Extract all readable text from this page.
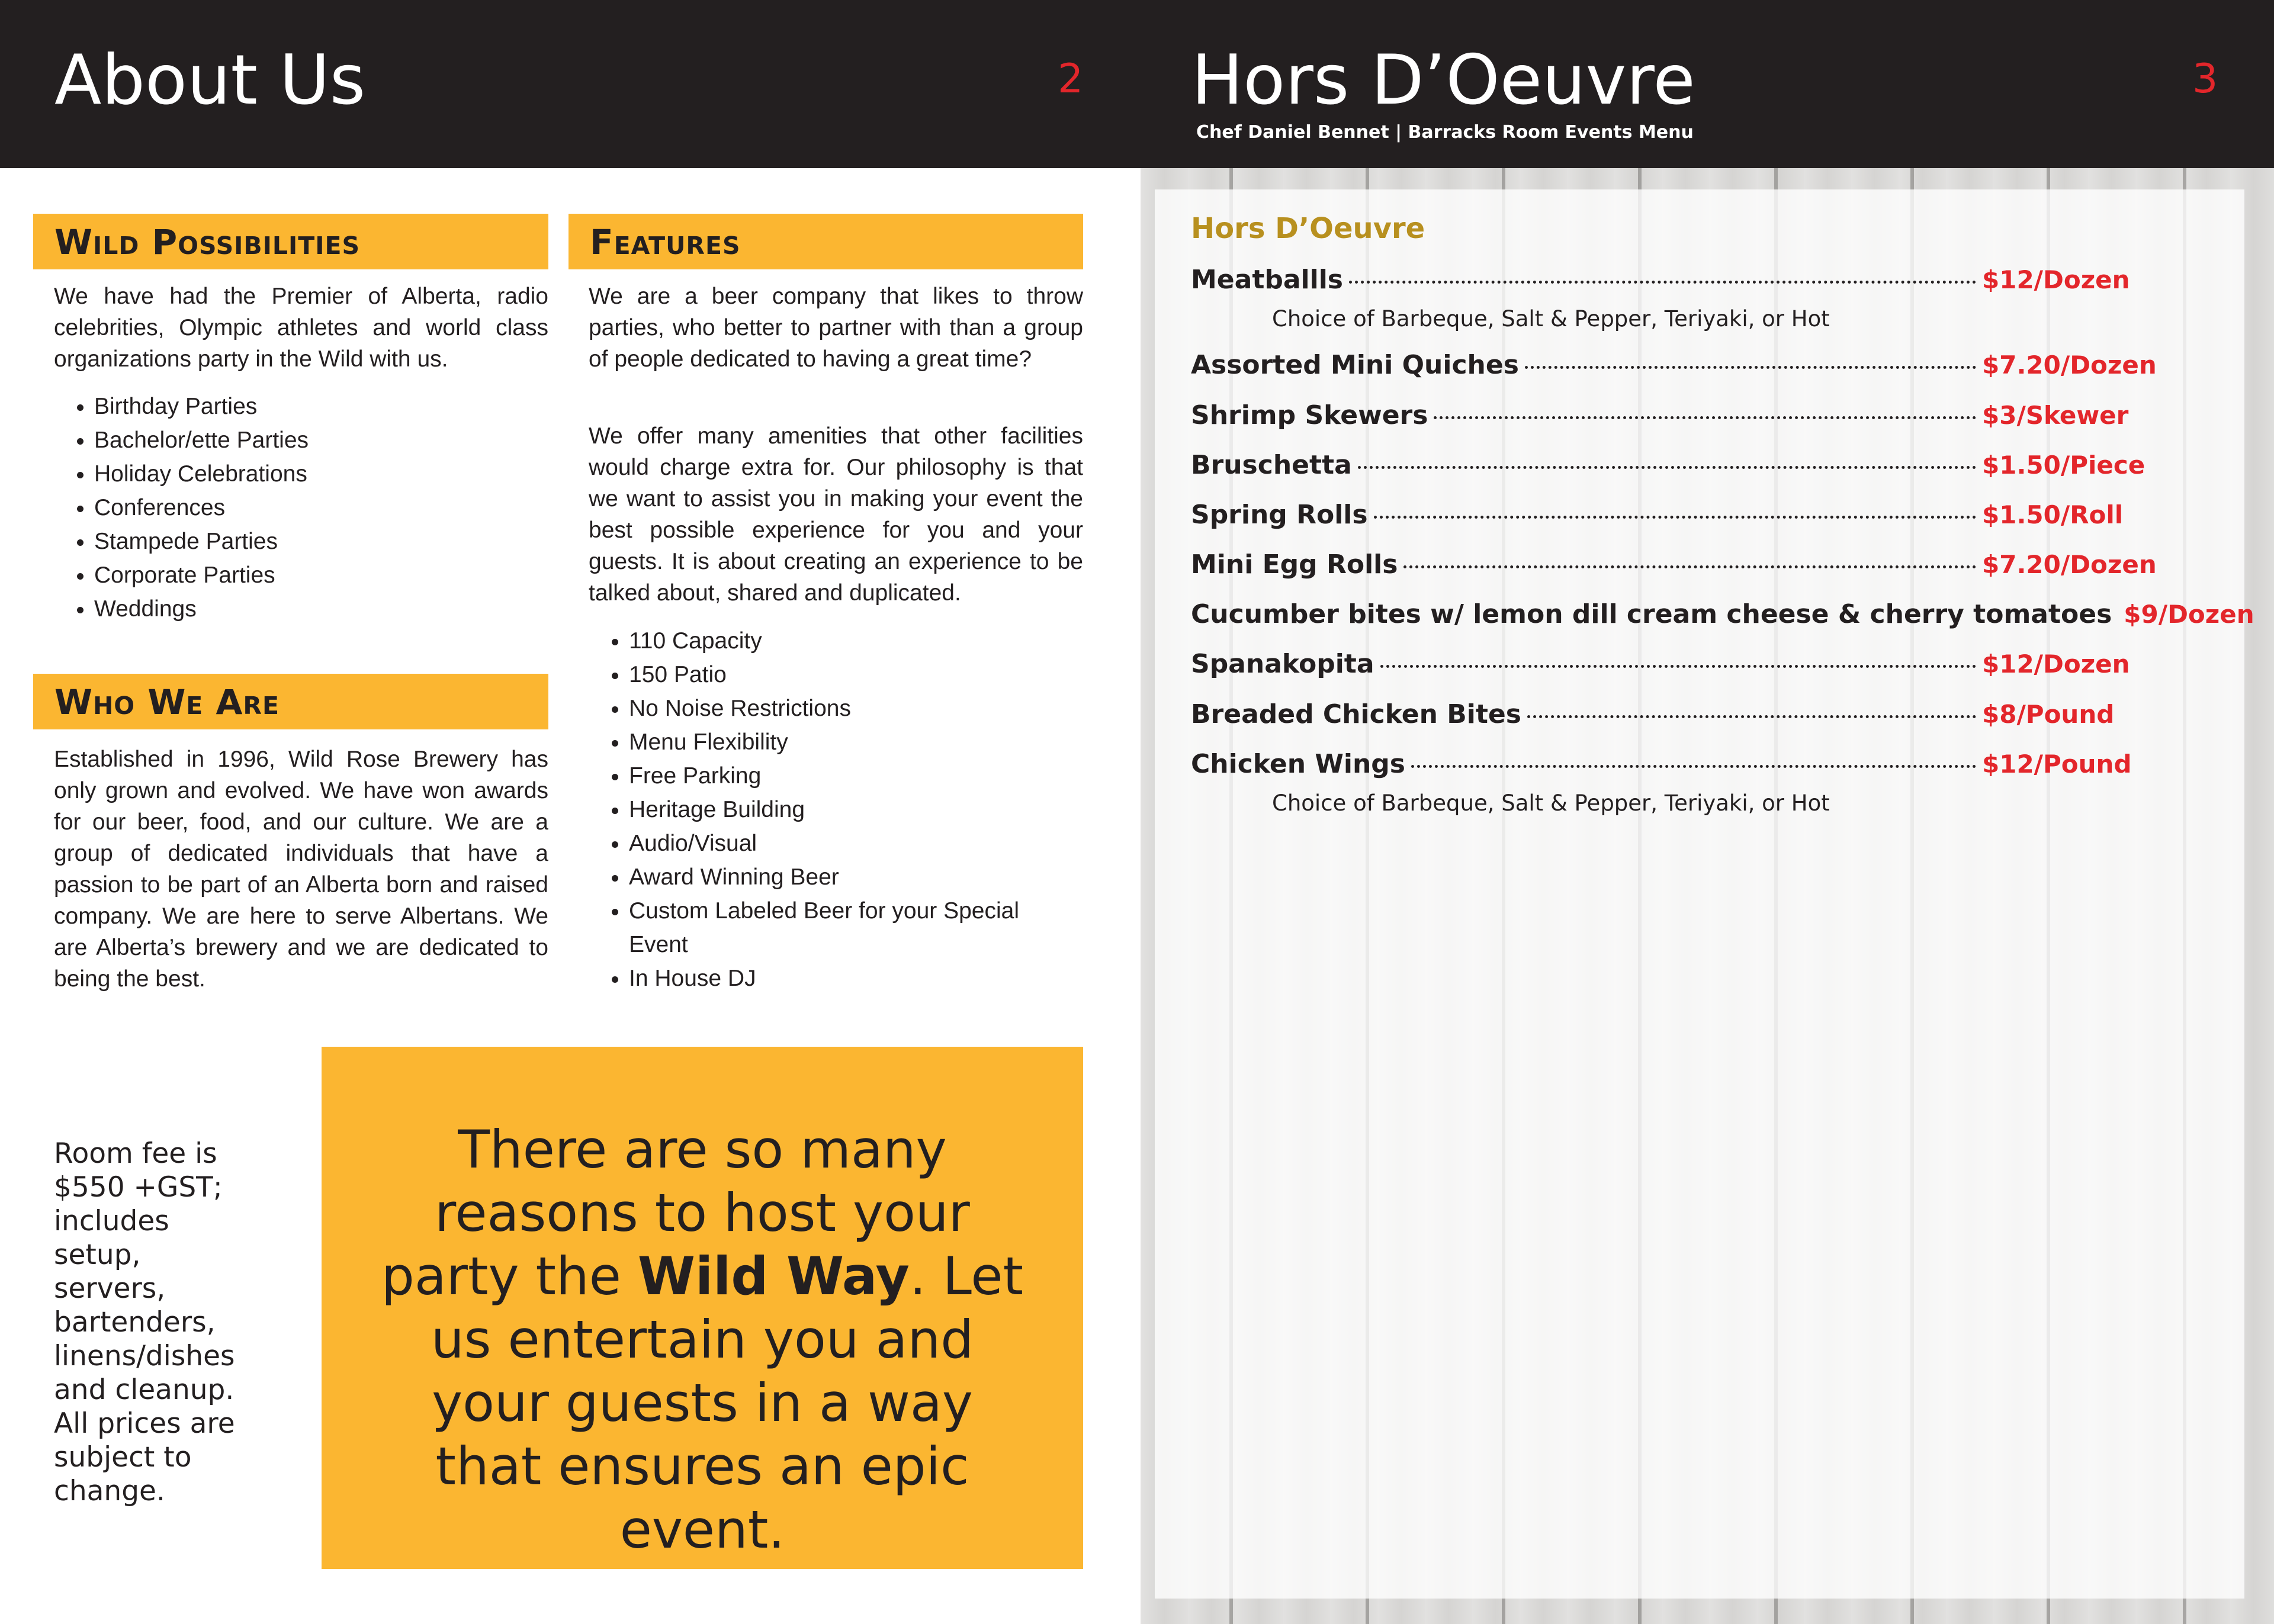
About Us	2 Hors D’Oeuvre	3
Chef Daniel Bennet | Barracks Room Events Menu
Wild Possibilities

We have had the Premier of Alberta, radio celebrities, Olympic athletes and world class organizations party in the Wild with us.

• Birthday Parties
• Bachelor/ette Parties
• Holiday Celebrations
• Conferences
• Stampede Parties
• Corporate Parties
• Weddings
Who We Are

Established in 1996, Wild Rose Brewery has only grown and evolved. We have won awards for our beer, food, and our culture. We are a group of dedicated individuals that have a passion to be part of an Alberta born and raised company. We are here to serve Albertans. We are Alberta’s brewery and we are dedicated to being the best.

Features

We are a beer company that likes to throw parties, who better to partner with than a group of people dedicated to having a great time?

We offer many amenities that other facilities would charge extra for. Our philosophy is that we want to assist you in making your event the best possible experience for you and your guests. It is about creating an experience to be talked about, shared and duplicated.

• 110 Capacity
• 150 Patio
• No Noise Restrictions
• Menu Flexibility
• Free Parking
• Heritage Building
• Audio/Visual
• Award Winning Beer
• Custom Labeled Beer for your Special Event
• In House DJ

Room fee is $550 +GST; includes setup, servers, bartenders, linens/dishes and cleanup. All prices are subject to change.

There are so many reasons to host your party the Wild Way. Let us entertain you and your guests in a way that ensures an epic event.

Hors D’Oeuvre
Meatballls	$12/Dozen
Choice of Barbeque, Salt & Pepper, Teriyaki, or Hot
Assorted Mini Quiches	$7.20/Dozen
Shrimp Skewers	$3/Skewer
Bruschetta	$1.50/Piece
Spring Rolls	$1.50/Roll
Mini Egg Rolls	$7.20/Dozen
Cucumber bites w/ lemon dill cream cheese & cherry tomatoes $9/Dozen
Spanakopita	$12/Dozen
Breaded Chicken Bites	$8/Pound
Chicken Wings	$12/Pound
Choice of Barbeque, Salt & Pepper, Teriyaki, or Hot
